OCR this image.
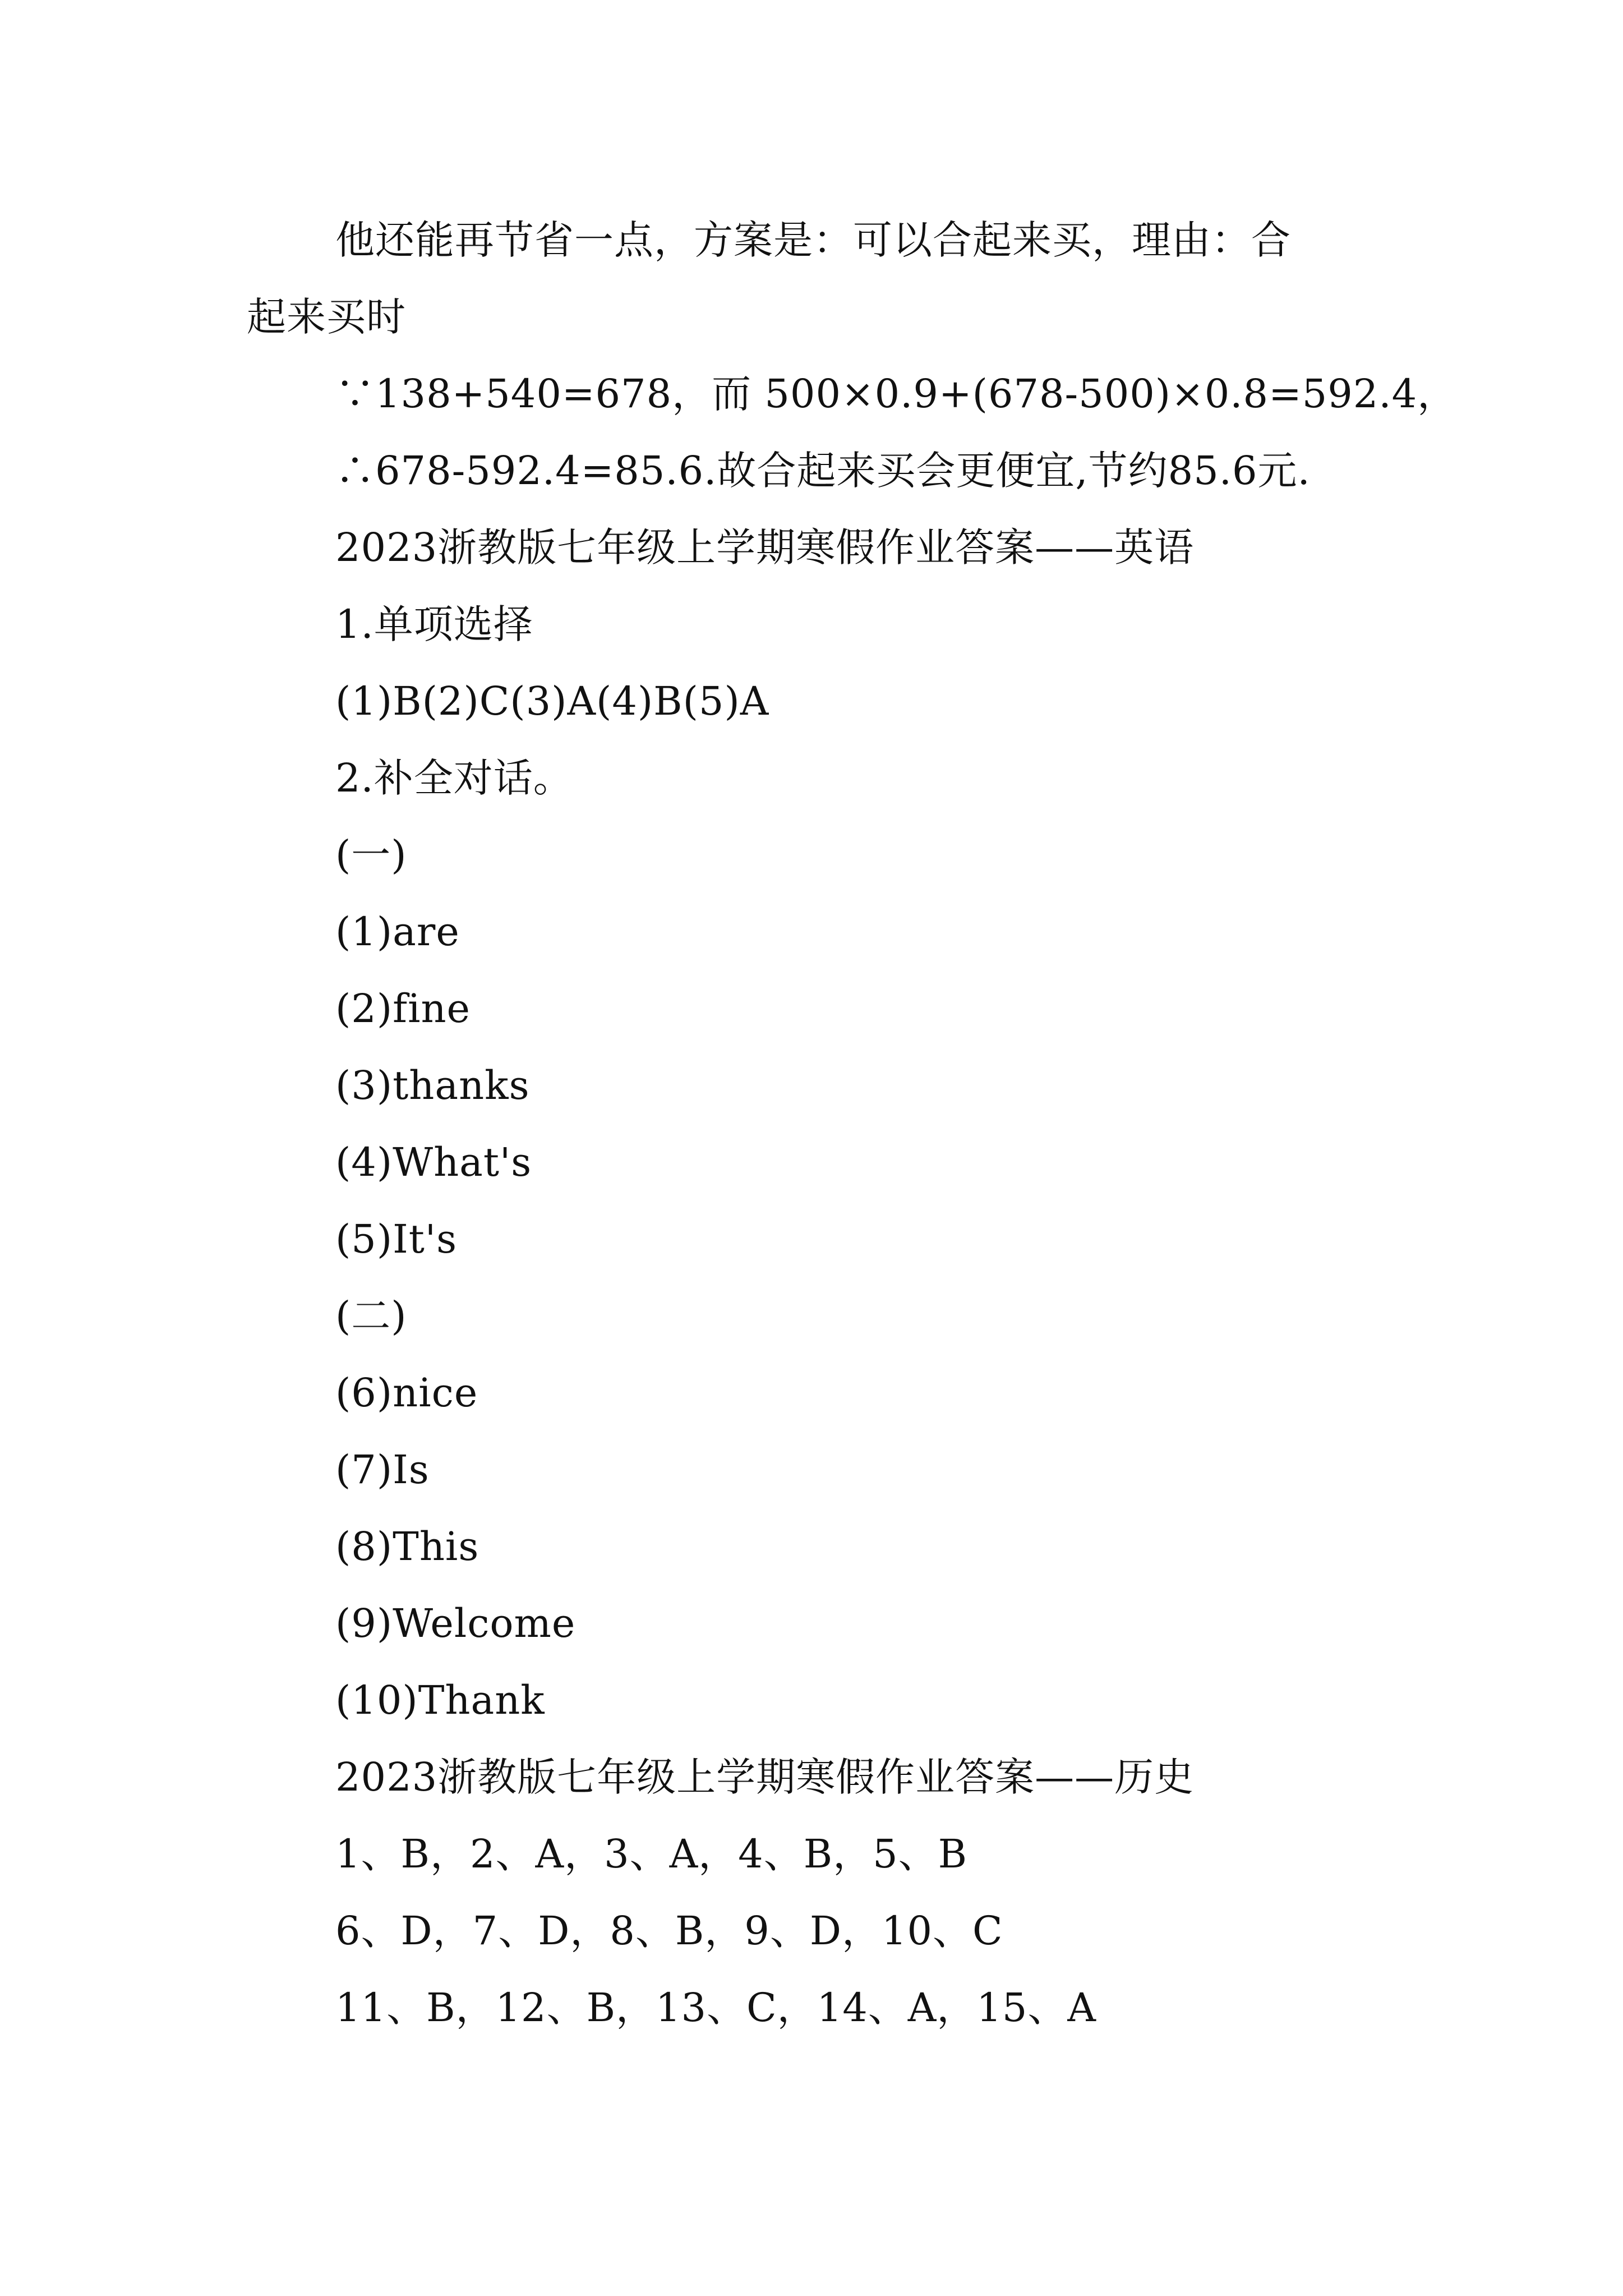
他还能再节省一点，方案是：可以合起来买，理由：合
起来买时
∵138+540=678，而 500×0.9+(678-500)×0.8=592.4，
∴678-592.4=85.6.故合起来买会更便宜,节约85.6元.
2023浙教版七年级上学期寒假作业答案——英语
1.单项选择
(1)B(2)C(3)A(4)B(5)A
2.补全对话。
(一)
(1)are
(2)fine
(3)thanks
(4)What's
(5)It's
(二)
(6)nice
(7)Is
(8)This
(9)Welcome
(10)Thank
2023浙教版七年级上学期寒假作业答案——历史
1、B，2、A，3、A，4、B，5、B
6、D，7、D，8、B，9、D，10、C
11、B，12、B，13、C，14、A，15、A
